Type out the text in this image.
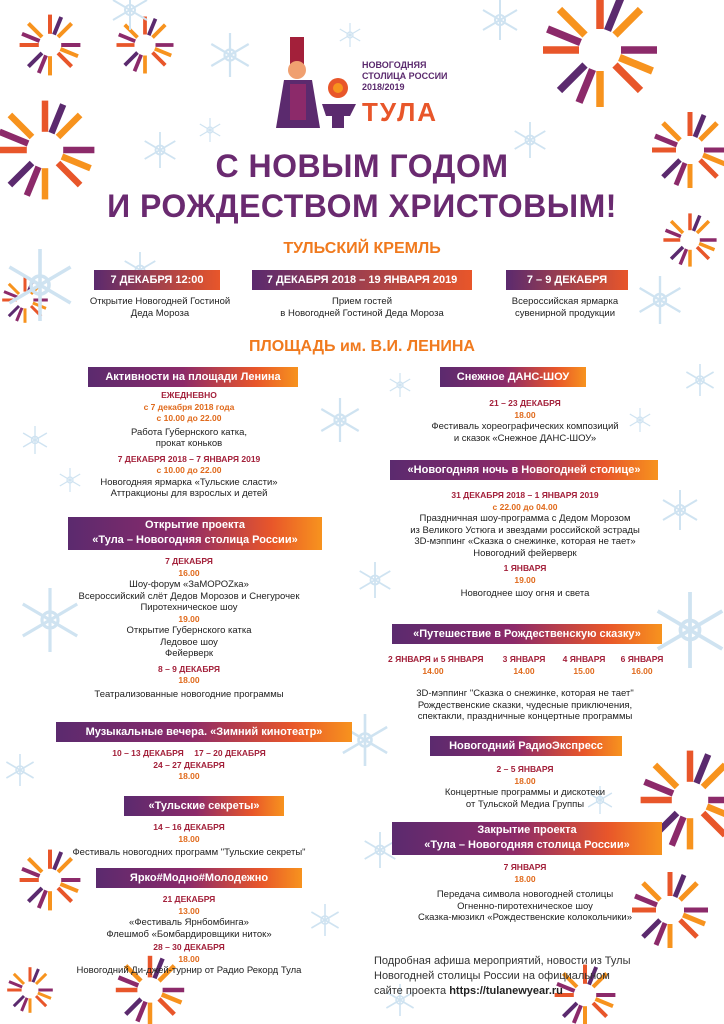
НОВОГОДНЯЯ
СТОЛИЦА РОССИИ
2018/2019
ТУЛА
С НОВЫМ ГОДОМ
И РОЖДЕСТВОМ ХРИСТОВЫМ!
ТУЛЬСКИЙ КРЕМЛЬ
7 ДЕКАБРЯ 12:00
Открытие Новогодней Гостиной
Деда Мороза
7 ДЕКАБРЯ 2018 – 19 ЯНВАРЯ 2019
Прием гостей
в Новогодней Гостиной Деда Мороза
7 – 9 ДЕКАБРЯ
Всероссийская ярмарка
сувенирной продукции
ПЛОЩАДЬ им. В.И. ЛЕНИНА
Активности на площади Ленина
ЕЖЕДНЕВНО
с 7 декабря 2018 года
с 10.00 до 22.00
Работа Губернского катка,
прокат коньков
7 ДЕКАБРЯ 2018 – 7 ЯНВАРЯ 2019
с 10.00 до 22.00
Новогодняя ярмарка «Тульские сласти»
Аттракционы для взрослых и детей
Открытие проекта
«Тула – Новогодняя столица России»
7 ДЕКАБРЯ
16.00
Шоу-форум «ЗаМОРОZка»
Всероссийский слёт Дедов Морозов и Снегурочек
Пиротехническое шоу
19.00
Открытие Губернского катка
Ледовое шоу
Фейерверк
8 – 9 ДЕКАБРЯ
18.00
Театрализованные новогодние программы
Музыкальные вечера. «Зимний кинотеатр»
10 – 13 ДЕКАБРЯ 17 – 20 ДЕКАБРЯ
24 – 27 ДЕКАБРЯ
18.00
«Тульские секреты»
14 – 16 ДЕКАБРЯ
18.00
Фестиваль новогодних программ "Тульские секреты"
Ярко#Модно#Молодежно
21 ДЕКАБРЯ
13.00
«Фестиваль Ярнбомбинга»
Флешмоб «Бомбардировщики ниток»
28 – 30 ДЕКАБРЯ
18.00
Новогодний Ди-джей-турнир от Радио Рекорд Тула
Снежное ДАНС-ШОУ
21 – 23 ДЕКАБРЯ
18.00
Фестиваль хореографических композиций
и сказок «Снежное ДАНС-ШОУ»
«Новогодняя ночь в Новогодней столице»
31 ДЕКАБРЯ 2018 – 1 ЯНВАРЯ 2019
с 22.00 до 04.00
Праздничная шоу-программа с Дедом Морозом
из Великого Устюга и звездами российской эстрады
3D-мэппинг «Сказка о снежинке, которая не тает»
Новогодний фейерверк
1 ЯНВАРЯ
19.00
Новогоднее шоу огня и света
«Путешествие в Рождественскую сказку»
2 ЯНВАРЯ и 5 ЯНВАРЯ
14.00
3 ЯНВАРЯ
14.00
4 ЯНВАРЯ
15.00
6 ЯНВАРЯ
16.00
3D-мэппинг "Сказка о снежинке, которая не тает"
Рождественские сказки, чудесные приключения,
спектакли, праздничные концертные программы
Новогодний РадиоЭкспресс
2 – 5 ЯНВАРЯ
18.00
Концертные программы и дискотеки
от Тульской Медиа Группы
Закрытие проекта
«Тула – Новогодняя столица России»
7 ЯНВАРЯ
18.00
Передача символа новогодней столицы
Огненно-пиротехническое шоу
Сказка-мюзикл «Рождественские колокольчики»
Подробная афиша мероприятий, новости из Тулы
Новогодней столицы России на официальном
сайте проекта https://tulanewyear.ru
